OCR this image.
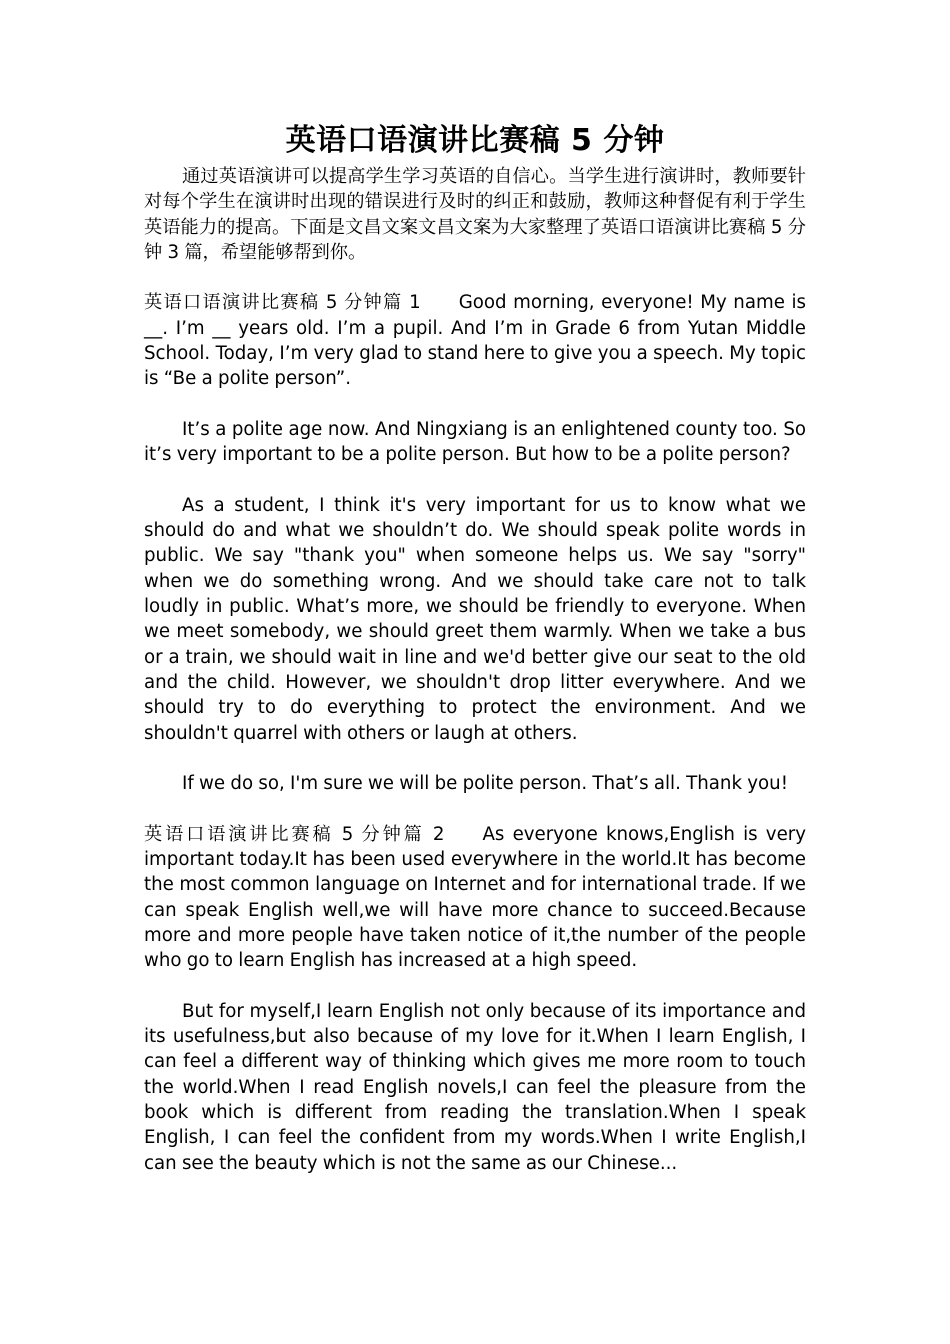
英语口语演讲比赛稿 5 分钟

通过英语演讲可以提高学生学习英语的自信心。当学生进行演讲时，教师要针对每个学生在演讲时出现的错误进行及时的纠正和鼓励，教师这种督促有利于学生英语能力的提高。下面是文昌文案文昌文案为大家整理了英语口语演讲比赛稿 5 分钟 3 篇，希望能够帮到你。

英语口语演讲比赛稿 5 分钟篇 1 Good morning, everyone! My name is __. I’m __ years old. I’m a pupil. And I’m in Grade 6 from Yutan Middle School. Today, I’m very glad to stand here to give you a speech. My topic is “Be a polite person”.

It’s a polite age now. And Ningxiang is an enlightened county too. So it’s very important to be a polite person. But how to be a polite person?

As a student, I think it's very important for us to know what we should do and what we shouldn’t do. We should speak polite words in public. We say "thank you" when someone helps us. We say "sorry" when we do something wrong. And we should take care not to talk loudly in public. What’s more, we should be friendly to everyone. When we meet somebody, we should greet them warmly. When we take a bus or a train, we should wait in line and we'd better give our seat to the old and the child. However, we shouldn't drop litter everywhere. And we should try to do everything to protect the environment. And we shouldn't quarrel with others or laugh at others.

If we do so, I'm sure we will be polite person. That’s all. Thank you!

英语口语演讲比赛稿 5 分钟篇 2 As everyone knows,English is very important today.It has been used everywhere in the world.It has become the most common language on Internet and for international trade. If we can speak English well,we will have more chance to succeed.Because more and more people have taken notice of it,the number of the people who go to learn English has increased at a high speed.

But for myself,I learn English not only because of its importance and its usefulness,but also because of my love for it.When I learn English, I can feel a different way of thinking which gives me more room to touch the world.When I read English novels,I can feel the pleasure from the book which is different from reading the translation.When I speak English, I can feel the confident from my words.When I write English,I can see the beauty which is not the same as our Chinese...
